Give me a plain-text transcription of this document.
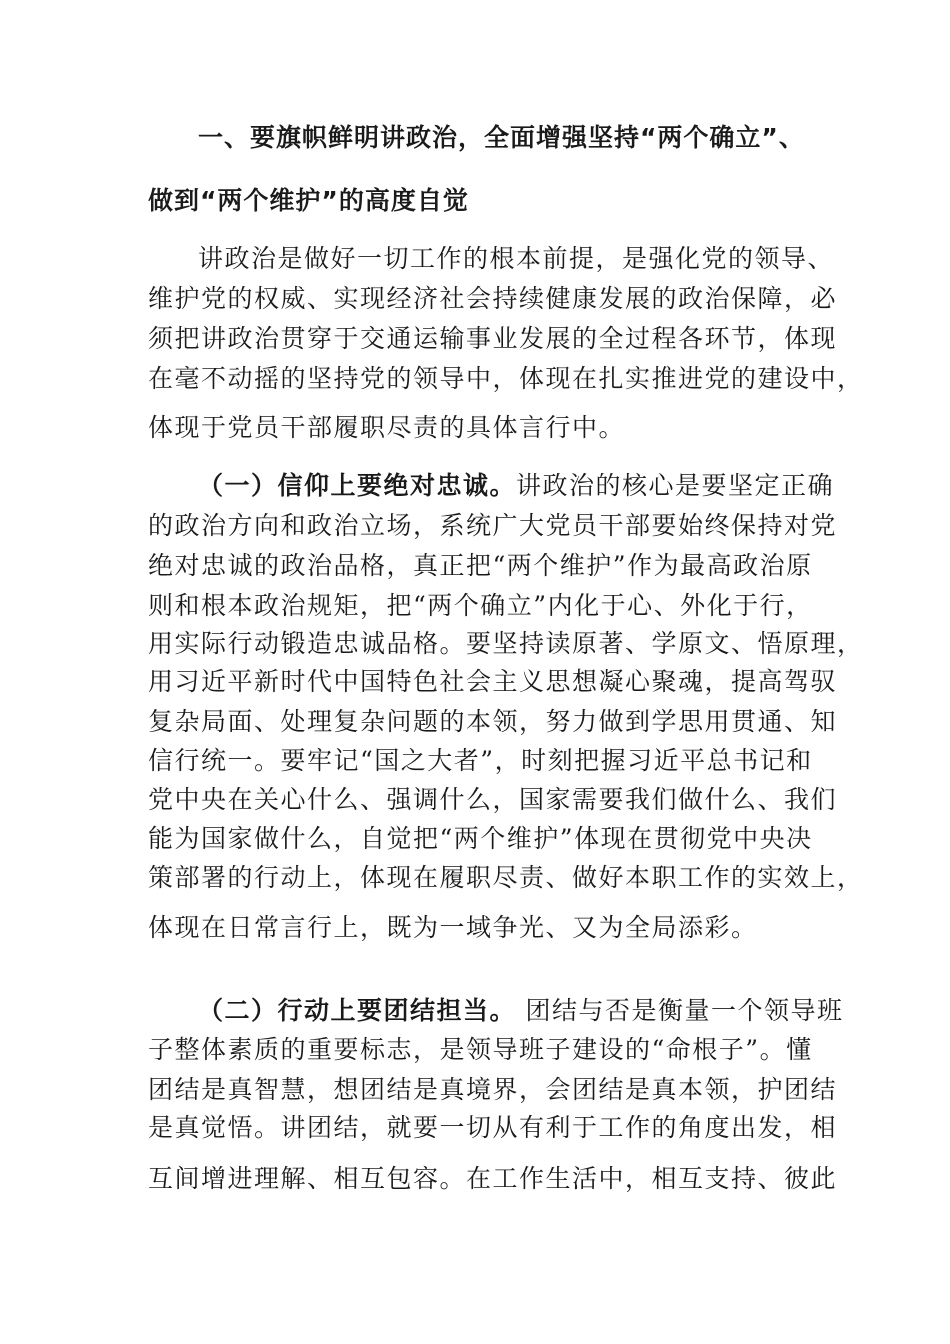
一、要旗帜鲜明讲政治，全面增强坚持“两个确立”、
做到“两个维护”的高度自觉
讲政治是做好一切工作的根本前提，是强化党的领导、
维护党的权威、实现经济社会持续健康发展的政治保障，必
须把讲政治贯穿于交通运输事业发展的全过程各环节，体现
在毫不动摇的坚持党的领导中，体现在扎实推进党的建设中，
体现于党员干部履职尽责的具体言行中。
（一）信仰上要绝对忠诚。讲政治的核心是要坚定正确
的政治方向和政治立场，系统广大党员干部要始终保持对党
绝对忠诚的政治品格，真正把“两个维护”作为最高政治原
则和根本政治规矩，把“两个确立”内化于心、外化于行，
用实际行动锻造忠诚品格。要坚持读原著、学原文、悟原理，
用习近平新时代中国特色社会主义思想凝心聚魂，提高驾驭
复杂局面、处理复杂问题的本领，努力做到学思用贯通、知
信行统一。要牢记“国之大者”，时刻把握习近平总书记和
党中央在关心什么、强调什么，国家需要我们做什么、我们
能为国家做什么，自觉把“两个维护”体现在贯彻党中央决
策部署的行动上，体现在履职尽责、做好本职工作的实效上，
体现在日常言行上，既为一域争光、又为全局添彩。
（二）行动上要团结担当。 团结与否是衡量一个领导班
子整体素质的重要标志，是领导班子建设的“命根子”。懂
团结是真智慧，想团结是真境界，会团结是真本领，护团结
是真觉悟。讲团结，就要一切从有利于工作的角度出发，相
互间增进理解、相互包容。在工作生活中，相互支持、彼此
